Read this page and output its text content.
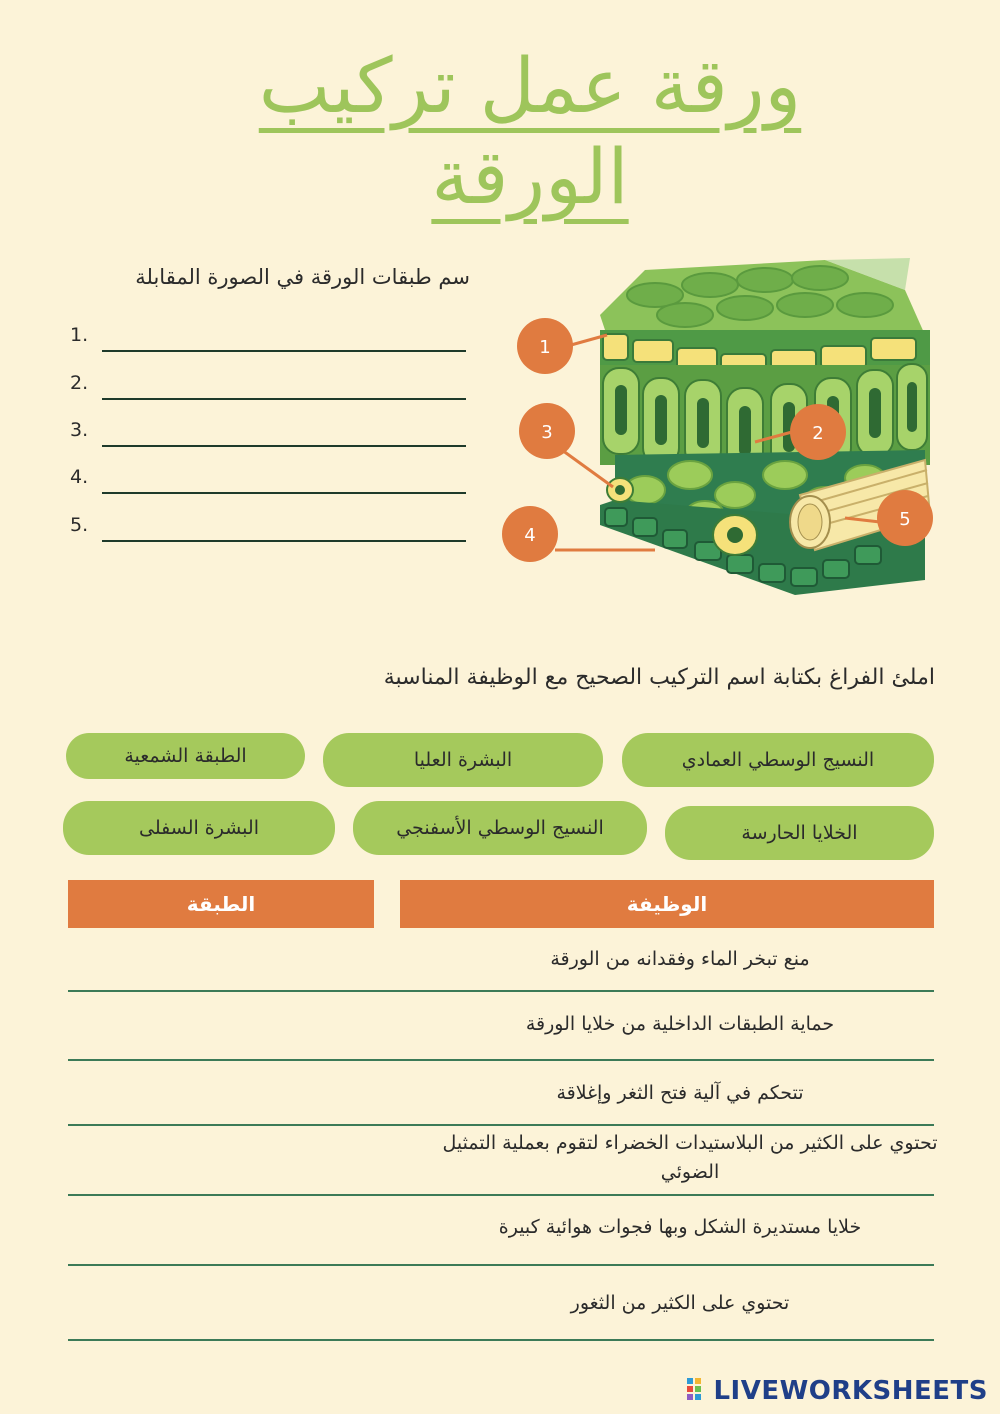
ورقة عمل تركيب الورقة
سم طبقات الورقة في الصورة المقابلة
1.
2.
3.
4.
5.
1
2
3
4
5
املئ الفراغ بكتابة اسم التركيب الصحيح مع الوظيفة المناسبة
النسيج الوسطي العمادي
البشرة العليا
الطبقة الشمعية
الخلايا الحارسة
النسيج الوسطي الأسفنجي
البشرة السفلى
الوظيفة
الطبقة
منع تبخر الماء وفقدانه من الورقة
حماية الطبقات الداخلية من خلايا الورقة
تتحكم في آلية فتح الثغر وإغلاقة
تحتوي على الكثير من البلاستيدات الخضراء لتقوم بعملية التمثيل الضوئي
خلايا مستديرة الشكل وبها فجوات هوائية كبيرة
تحتوي على الكثير من الثغور
LIVEWORKSHEETS
